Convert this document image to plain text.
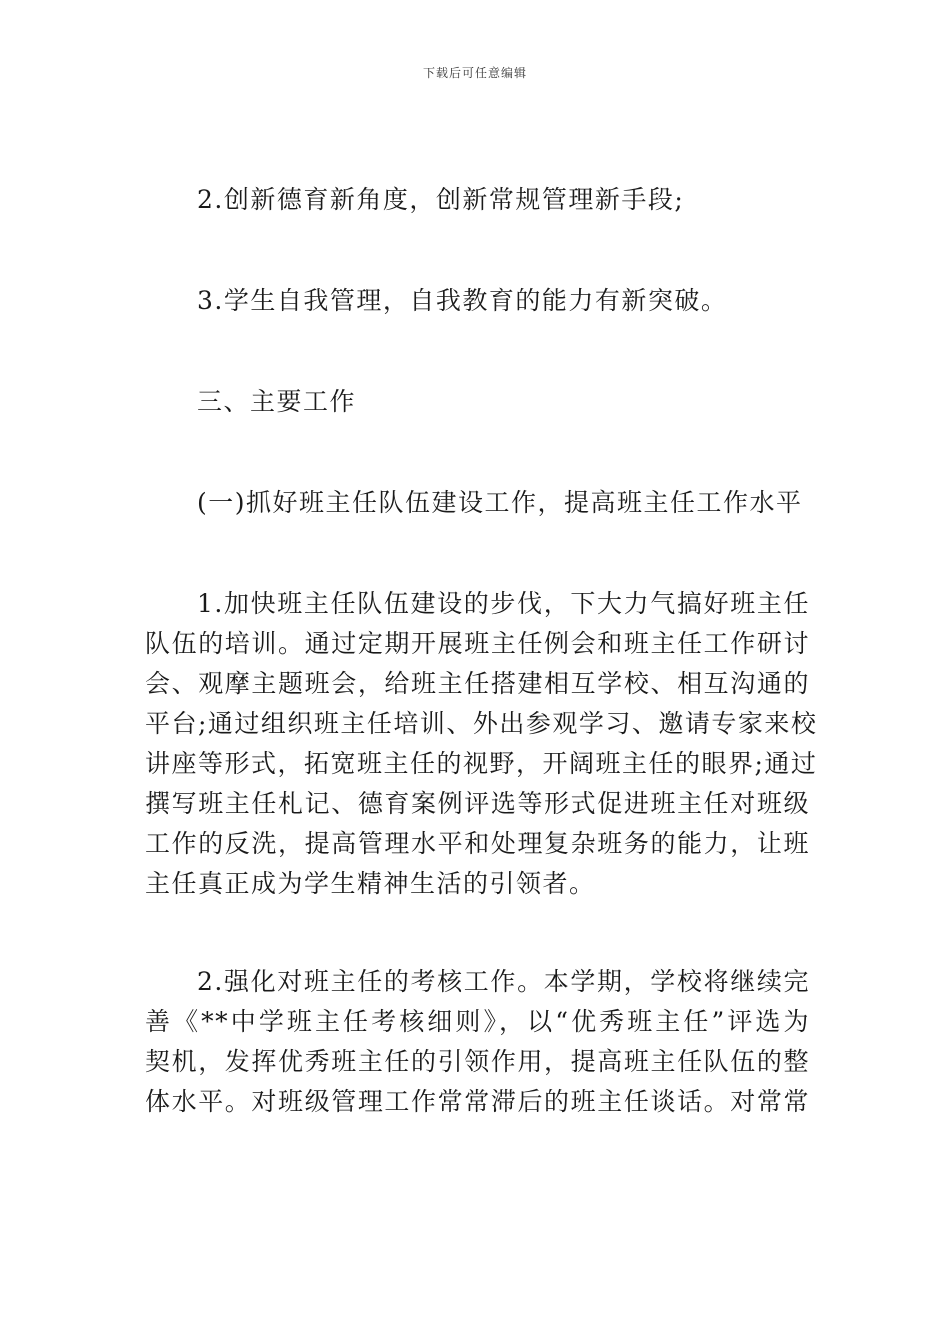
下载后可任意编辑

2.创新德育新角度，创新常规管理新手段;

3.学生自我管理，自我教育的能力有新突破。

三、主要工作

(一)抓好班主任队伍建设工作，提高班主任工作水平

1.加快班主任队伍建设的步伐，下大力气搞好班主任

队伍的培训。通过定期开展班主任例会和班主任工作研讨

会、观摩主题班会，给班主任搭建相互学校、相互沟通的

平台;通过组织班主任培训、外出参观学习、邀请专家来校

讲座等形式，拓宽班主任的视野，开阔班主任的眼界;通过

撰写班主任札记、德育案例评选等形式促进班主任对班级

工作的反洗，提高管理水平和处理复杂班务的能力，让班

主任真正成为学生精神生活的引领者。

2.强化对班主任的考核工作。本学期，学校将继续完

善《**中学班主任考核细则》，以“优秀班主任”评选为

契机，发挥优秀班主任的引领作用，提高班主任队伍的整

体水平。对班级管理工作常常滞后的班主任谈话。对常常
